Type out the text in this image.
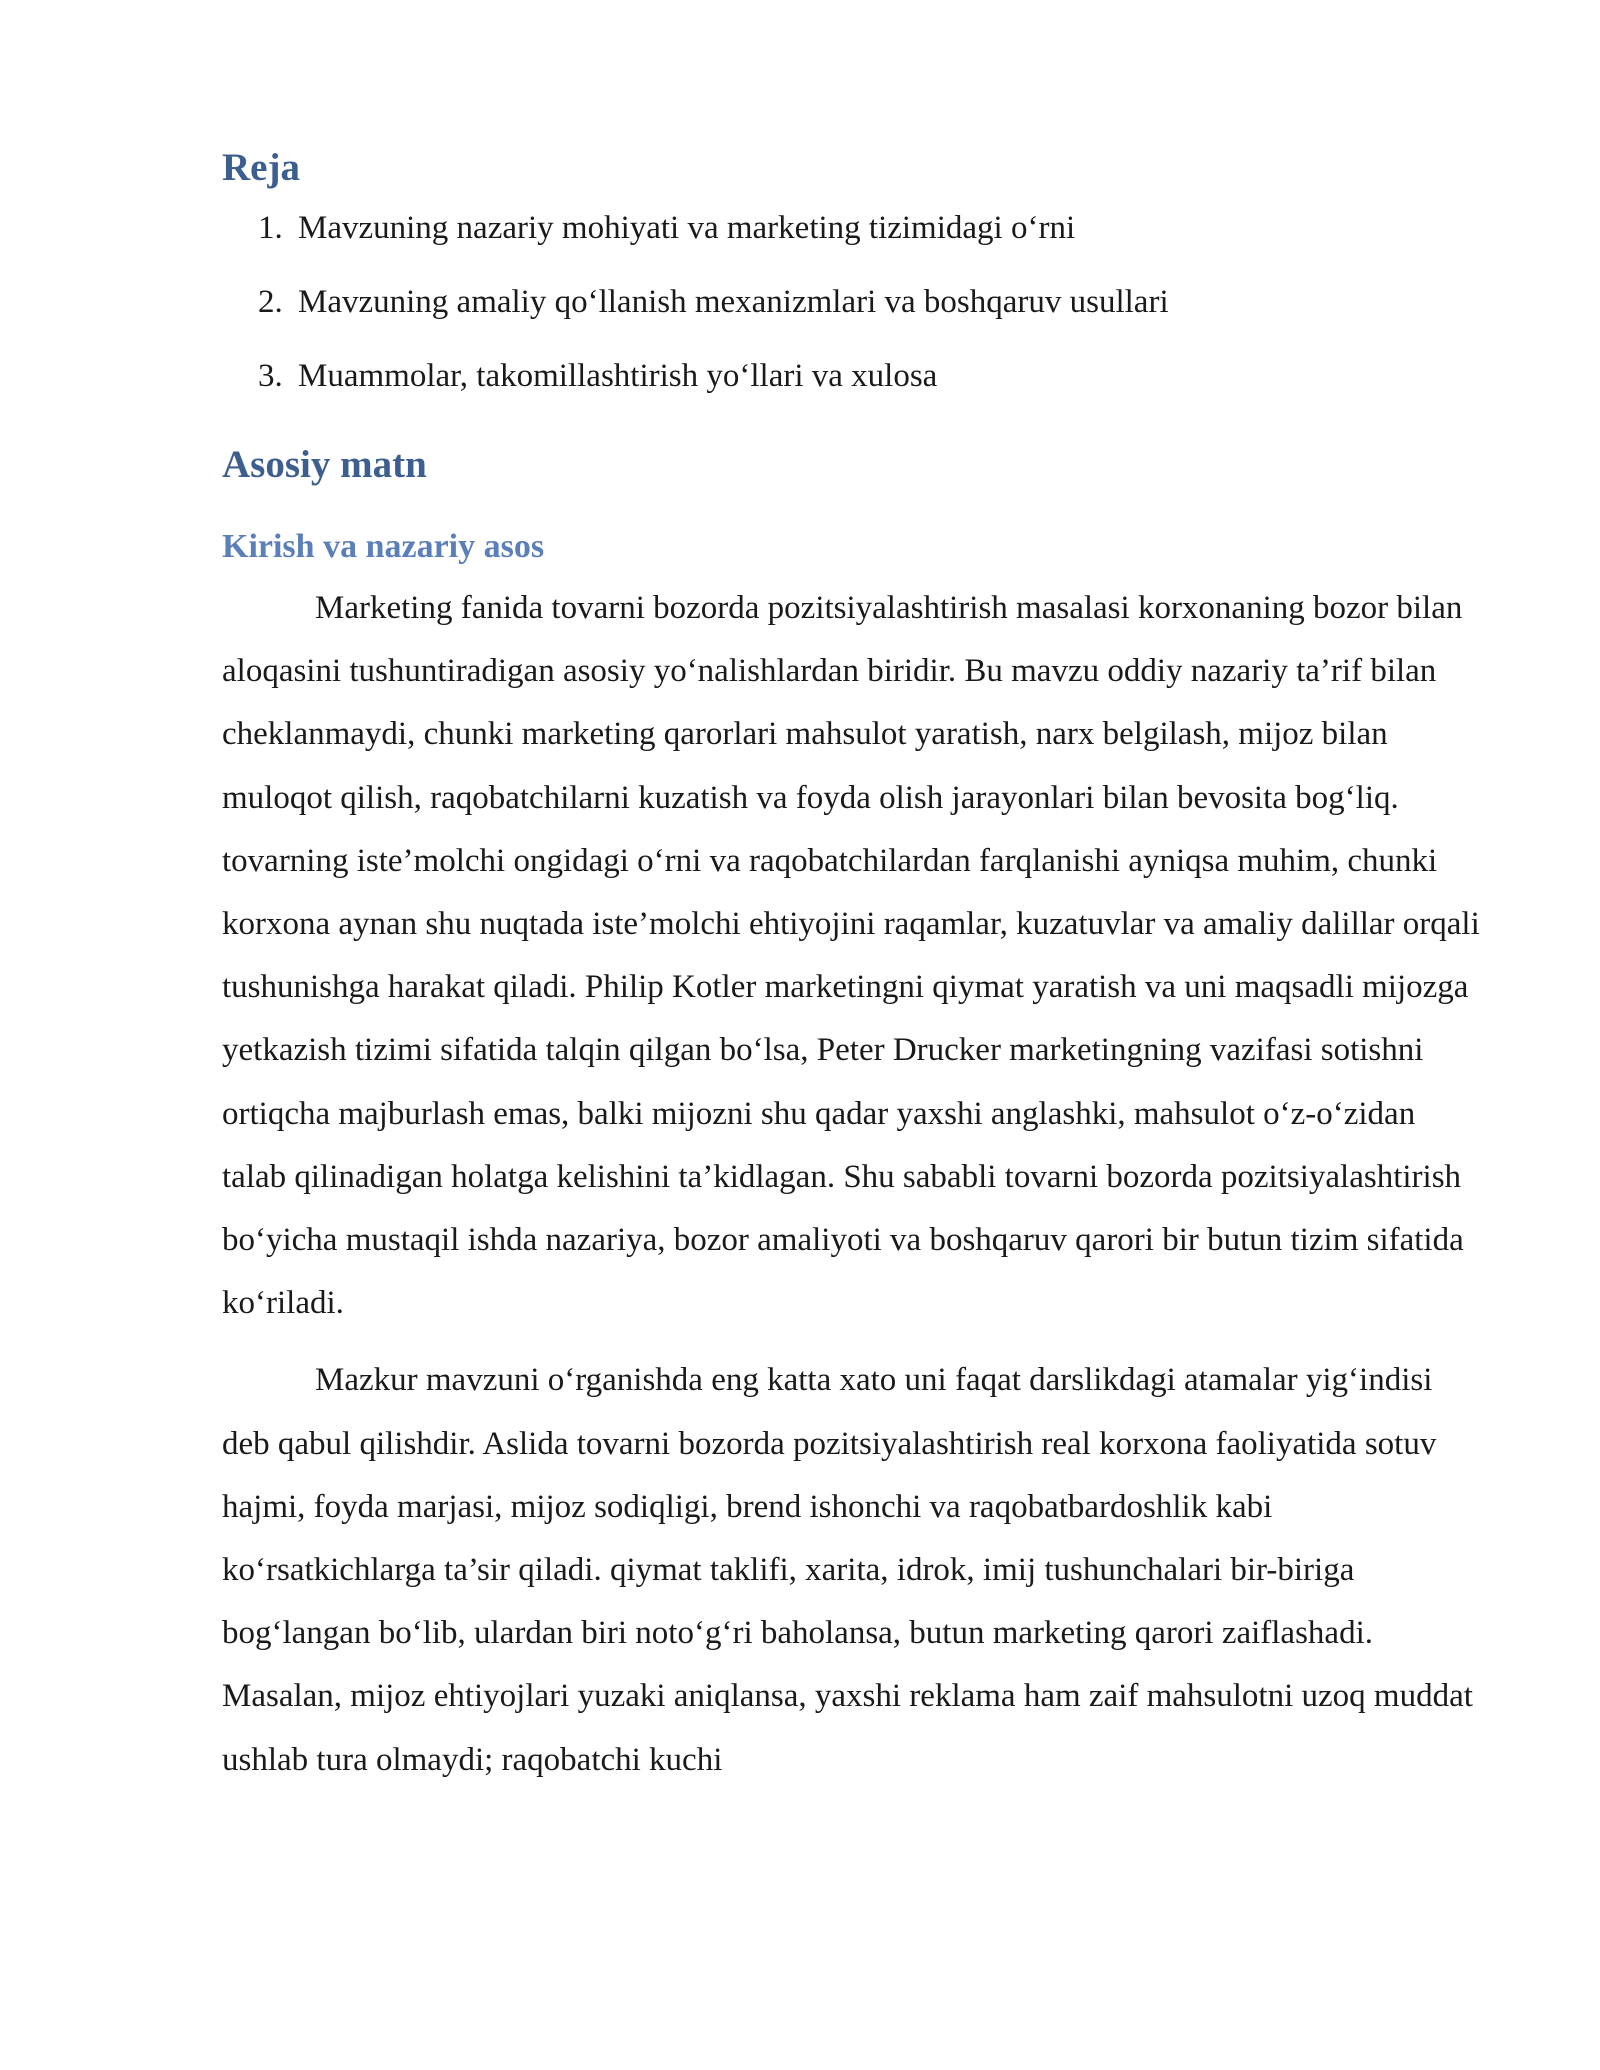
Reja
1. Mavzuning nazariy mohiyati va marketing tizimidagi o‘rni
2. Mavzuning amaliy qo‘llanish mexanizmlari va boshqaruv usullari
3. Muammolar, takomillashtirish yo‘llari va xulosa
Asosiy matn
Kirish va nazariy asos

Marketing fanida tovarni bozorda pozitsiyalashtirish masalasi korxonaning bozor bilan aloqasini tushuntiradigan asosiy yo‘nalishlardan biridir. Bu mavzu oddiy nazariy ta’rif bilan cheklanmaydi, chunki marketing qarorlari mahsulot yaratish, narx belgilash, mijoz bilan muloqot qilish, raqobatchilarni kuzatish va foyda olish jarayonlari bilan bevosita bog‘liq. tovarning iste’molchi ongidagi o‘rni va raqobatchilardan farqlanishi ayniqsa muhim, chunki korxona aynan shu nuqtada iste’molchi ehtiyojini raqamlar, kuzatuvlar va amaliy dalillar orqali tushunishga harakat qiladi. Philip Kotler marketingni qiymat yaratish va uni maqsadli mijozga yetkazish tizimi sifatida talqin qilgan bo‘lsa, Peter Drucker marketingning vazifasi sotishni ortiqcha majburlash emas, balki mijozni shu qadar yaxshi anglashki, mahsulot o‘z-o‘zidan talab qilinadigan holatga kelishini ta’kidlagan. Shu sababli tovarni bozorda pozitsiyalashtirish bo‘yicha mustaqil ishda nazariya, bozor amaliyoti va boshqaruv qarori bir butun tizim sifatida ko‘riladi.

Mazkur mavzuni o‘rganishda eng katta xato uni faqat darslikdagi atamalar yig‘indisi deb qabul qilishdir. Aslida tovarni bozorda pozitsiyalashtirish real korxona faoliyatida sotuv hajmi, foyda marjasi, mijoz sodiqligi, brend ishonchi va raqobatbardoshlik kabi ko‘rsatkichlarga ta’sir qiladi. qiymat taklifi, xarita, idrok, imij tushunchalari bir-biriga bog‘langan bo‘lib, ulardan biri noto‘g‘ri baholansa, butun marketing qarori zaiflashadi. Masalan, mijoz ehtiyojlari yuzaki aniqlansa, yaxshi reklama ham zaif mahsulotni uzoq muddat ushlab tura olmaydi; raqobatchi kuchi
